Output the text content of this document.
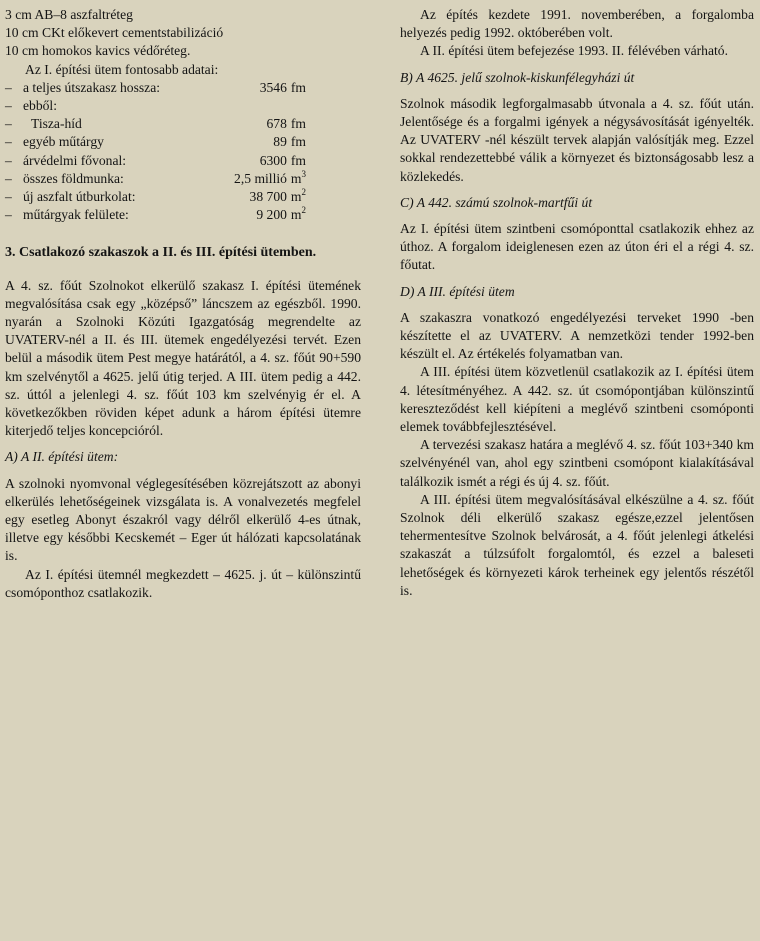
3 cm AB–8 aszfaltréteg

10 cm CKt előkevert cementstabilizáció

10 cm homokos kavics védőréteg.

Az I. építési ütem fontosabb adatai:

– a teljes útszakasz hossza:	3546 fm
– ebből:
–	Tisza-híd	678 fm
– egyéb műtárgy	89 fm
– árvédelmi fővonal:	6300 fm
– összes földmunka:	2,5 millió $m^3$
– új aszfalt útburkolat:	38 700 $m^2$
– műtárgyak felülete:	9 200 $m^2$
3. Csatlakozó szakaszok a II. és III. építési ütemben.

A 4. sz. főút Szolnokot elkerülő szakasz I. építési ütemének megvalósítása csak egy „középső” láncszem az egészből. 1990. nyarán a Szolnoki Közúti Igazgatóság megrendelte az UVATERV-nél a II. és III. ütemek engedélyezési tervét. Ezen belül a második ütem Pest megye határától, a 4. sz. főút 90+590 km szelvénytől a 4625. jelű útig terjed. A III. ütem pedig a 442. sz. úttól a jelenlegi 4. sz. főút 103 km szelvényig ér el. A következőkben röviden képet adunk a három építési ütemre kiterjedő teljes koncepcióról.

A) A II. építési ütem:

A szolnoki nyomvonal véglegesítésében közrejátszott az abonyi elkerülés lehetőségeinek vizsgálata is. A vonalvezetés megfelel egy esetleg Abonyt északról vagy délről elkerülő 4-es útnak, illetve egy későbbi Kecskemét – Eger út hálózati kapcsolatának is.

Az I. építési ütemnél megkezdett – 4625. j. út – különszintű csomóponthoz csatlakozik.

Az építés kezdete 1991. novemberében, a forgalomba helyezés pedig 1992. októberében volt.

A II. építési ütem befejezése 1993. II. félévében várható.

B) A 4625. jelű szolnok-kiskunfélegyházi út

Szolnok második legforgalmasabb útvonala a 4. sz. főút után. Jelentősége és a forgalmi igények a négysávosítását igényelték. Az UVATERV -nél készült tervek alapján valósítják meg. Ezzel sokkal rendezettebbé válik a környezet és biztonságosabb lesz a közlekedés.

C) A 442. számú szolnok-martfűi út

Az I. építési ütem szintbeni csomóponttal csatlakozik ehhez az úthoz. A forgalom ideiglenesen ezen az úton éri el a régi 4. sz. főutat.

D) A III. építési ütem

A szakaszra vonatkozó engedélyezési terveket 1990 -ben készítette el az UVATERV. A nemzetközi tender 1992-ben készült el. Az értékelés folyamatban van.

A III. építési ütem közvetlenül csatlakozik az I. építési ütem 4. létesítményéhez. A 442. sz. út csomópontjában különszintű kereszteződést kell kiépíteni a meglévő szintbeni csomóponti elemek továbbfejlesztésével.

A tervezési szakasz határa a meglévő 4. sz. főút 103+340 km szelvényénél van, ahol egy szintbeni csomópont kialakításával találkozik ismét a régi és új 4. sz. főút.

A III. építési ütem megvalósításával elkészülne a 4. sz. főút Szolnok déli elkerülő szakasz egésze,ezzel jelentősen tehermentesítve Szolnok belvárosát, a 4. főút jelenlegi átkelési szakaszát a túlzsúfolt forgalomtól, és ezzel a baleseti lehetőségek és környezeti károk terheinek egy jelentős részétől is.
